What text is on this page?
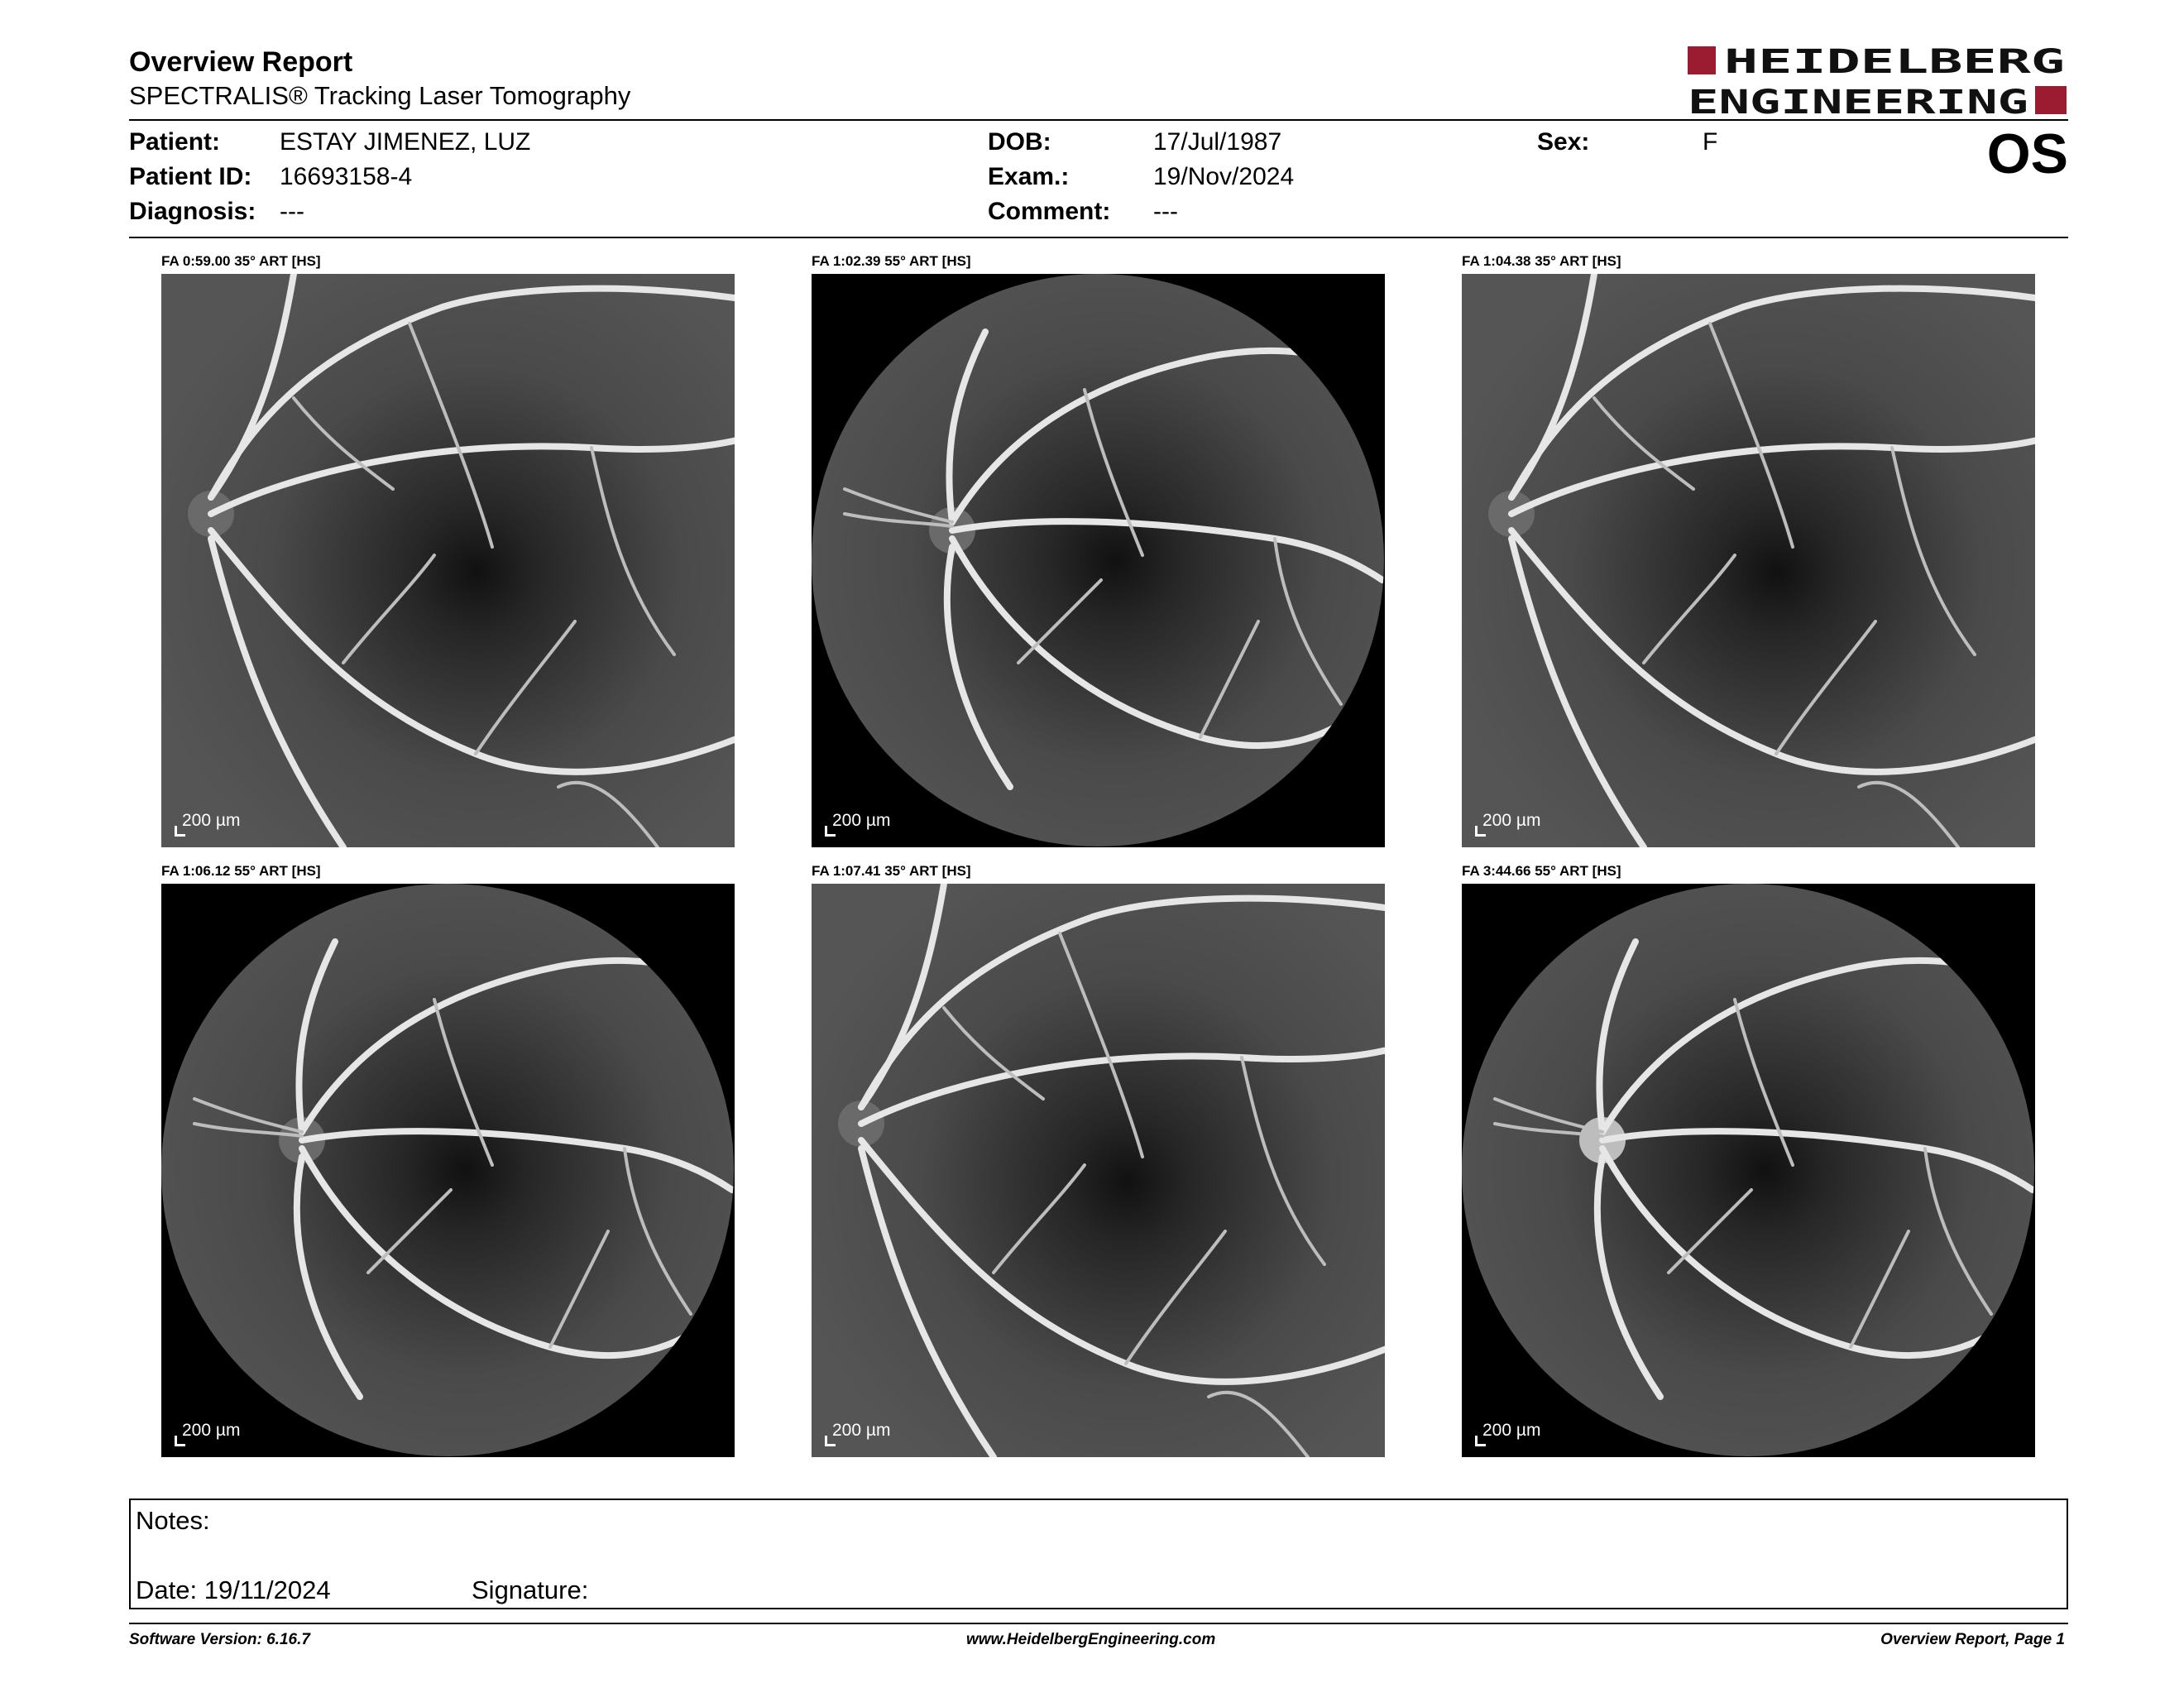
Overview Report
SPECTRALIS® Tracking Laser Tomography
HEIDELBERG
ENGINEERING
OS
Patient: ESTAY JIMENEZ, LUZ
Patient ID: 16693158-4
Diagnosis: ---
DOB:	17/Jul/1987
Exam.:	19/Nov/2024
Comment: ---
Sex:	F
FA 0:59.00 35° ART [HS]
200 µm
FA 1:02.39 55° ART [HS]
200 µm
FA 1:04.38 35° ART [HS]
200 µm
FA 1:06.12 55° ART [HS]
200 µm
FA 1:07.41 35° ART [HS]
200 µm
FA 3:44.66 55° ART [HS]
200 µm
Notes:
Date: 19/11/2024	Signature:
Software Version: 6.16.7	www.HeidelbergEngineering.com	Overview Report, Page 1
